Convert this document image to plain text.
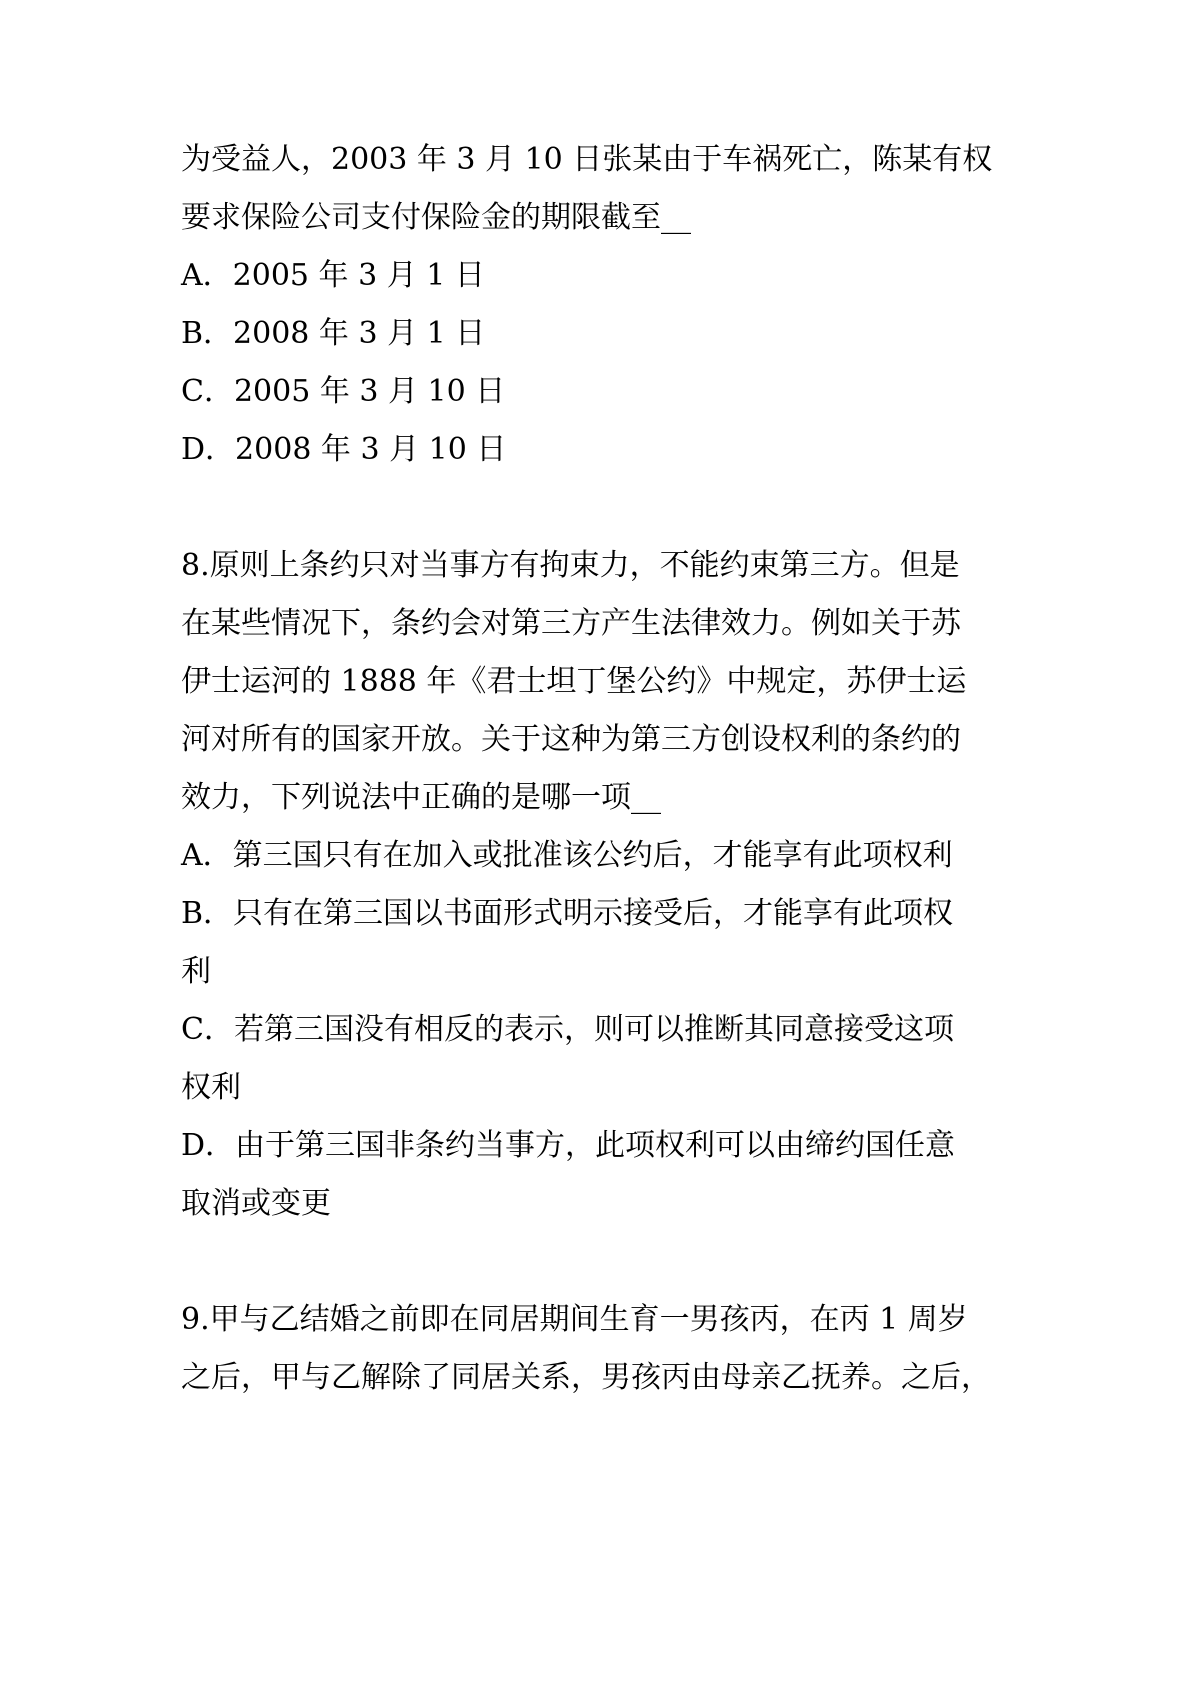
为受益人，2003 年 3 月 10 日张某由于车祸死亡，陈某有权
要求保险公司支付保险金的期限截至__
A．2005 年 3 月 1 日
B．2008 年 3 月 1 日
C．2005 年 3 月 10 日
D．2008 年 3 月 10 日
8.原则上条约只对当事方有拘束力，不能约束第三方。但是
在某些情况下，条约会对第三方产生法律效力。例如关于苏
伊士运河的 1888 年《君士坦丁堡公约》中规定，苏伊士运
河对所有的国家开放。关于这种为第三方创设权利的条约的
效力，下列说法中正确的是哪一项__
A．第三国只有在加入或批准该公约后，才能享有此项权利
B．只有在第三国以书面形式明示接受后，才能享有此项权
利
C．若第三国没有相反的表示，则可以推断其同意接受这项
权利
D．由于第三国非条约当事方，此项权利可以由缔约国任意
取消或变更
9.甲与乙结婚之前即在同居期间生育一男孩丙，在丙 1 周岁
之后，甲与乙解除了同居关系，男孩丙由母亲乙抚养。之后，
